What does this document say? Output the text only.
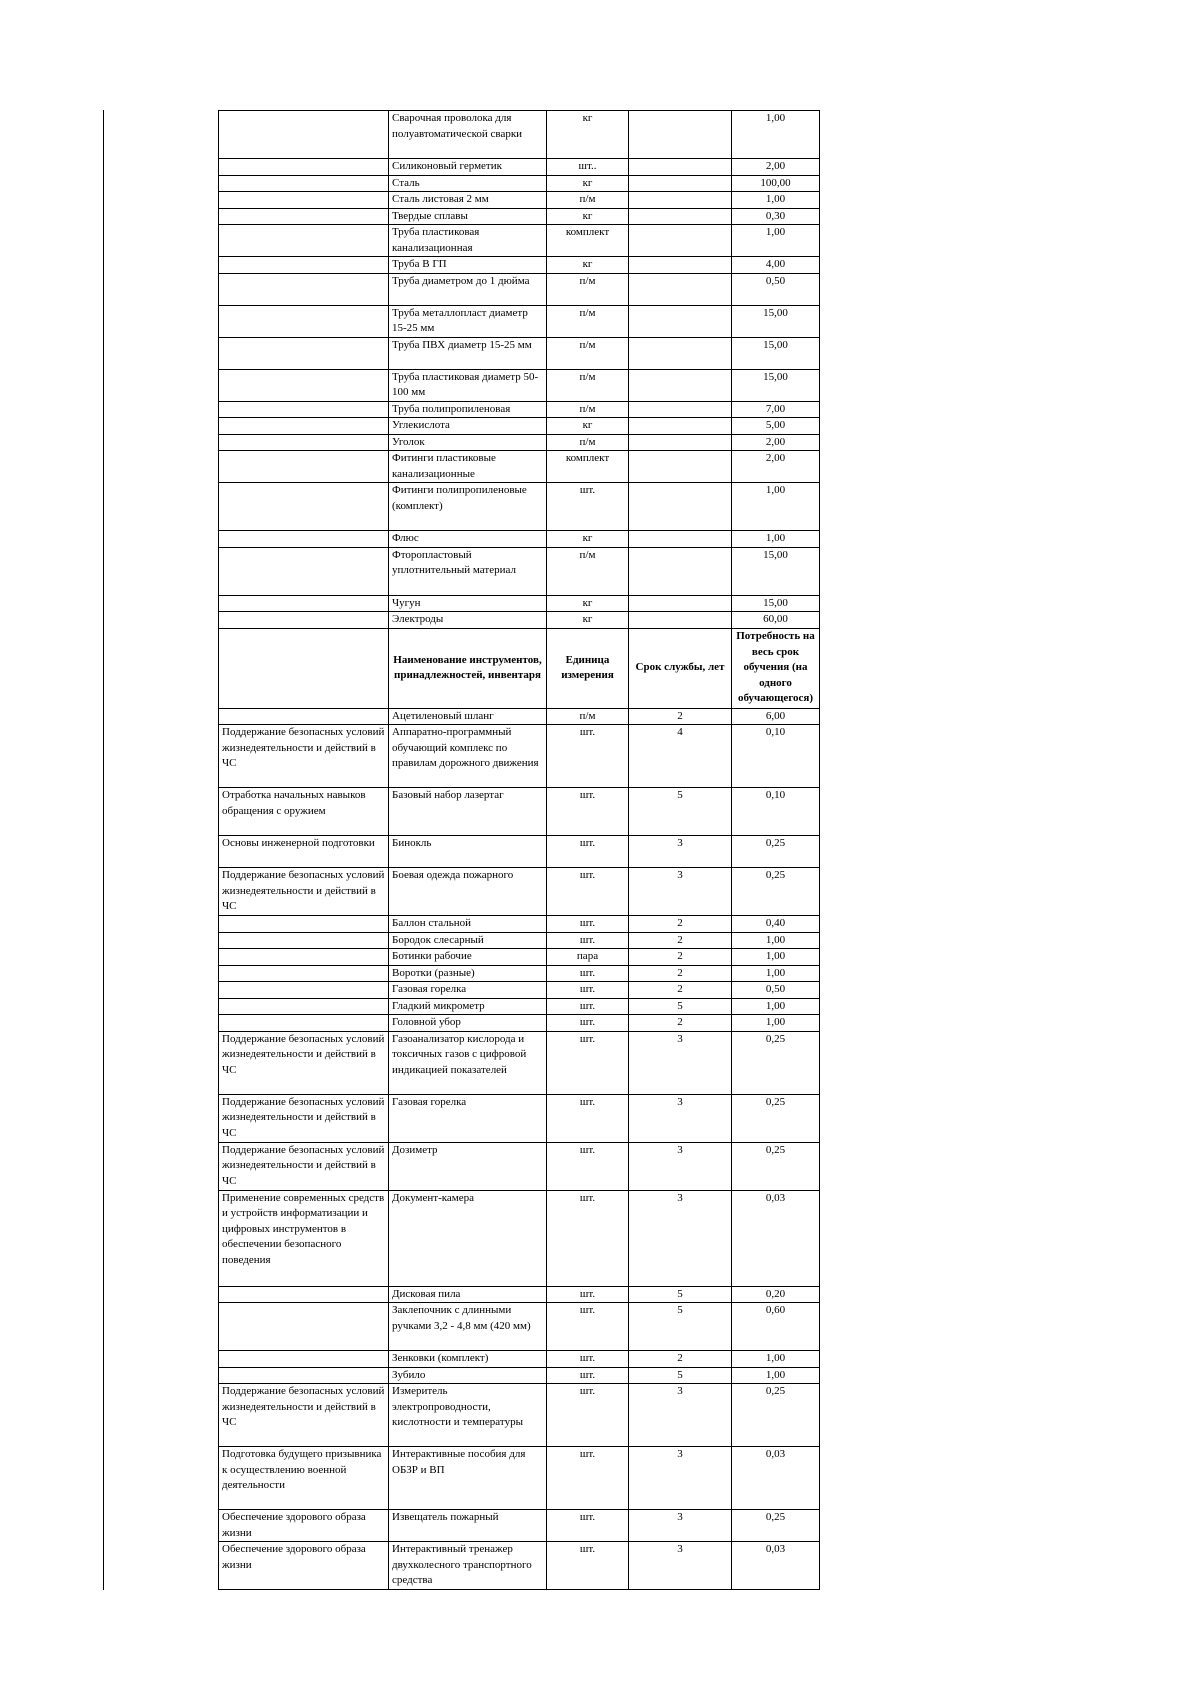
	Сварочная проволока для полуавтоматической сварки	кг		1,00
	Силиконовый герметик	шт..		2,00
	Сталь	кг		100,00
	Сталь листовая 2 мм	п/м		1,00
	Твердые сплавы	кг		0,30
	Труба пластиковая канализационная	комплект		1,00
	Труба В ГП	кг		4,00
	Труба диаметром до 1 дюйма	п/м		0,50
	Труба металлопласт диаметр 15-25 мм	п/м		15,00
	Труба ПВХ диаметр 15-25 мм	п/м		15,00
	Труба пластиковая диаметр 50-100 мм	п/м		15,00
	Труба полипропиленовая	п/м		7,00
	Углекислота	кг		5,00
	Уголок	п/м		2,00
	Фитинги пластиковые канализационные	комплект		2,00
	Фитинги полипропиленовые (комплект)	шт.		1,00
	Флюс	кг		1,00
	Фторопластовый уплотнительный материал	п/м		15,00
	Чугун	кг		15,00
	Электроды	кг		60,00
	Наименование инструментов, принадлежностей, инвентаря	Единица измерения	Срок службы, лет	Потребность на весь срок обучения (на одного обучающегося)
	Ацетиленовый шланг	п/м	2	6,00
Поддержание безопасных условий жизнедеятельности и действий в ЧС	Аппаратно-программный обучающий комплекс по правилам дорожного движения	шт.	4	0,10
Отработка начальных навыков обращения с оружием	Базовый набор лазертаг	шт.	5	0,10
Основы инженерной подготовки	Бинокль	шт.	3	0,25
Поддержание безопасных условий жизнедеятельности и действий в ЧС	Боевая одежда пожарного	шт.	3	0,25
	Баллон стальной	шт.	2	0,40
	Бородок слесарный	шт.	2	1,00
	Ботинки рабочие	пара	2	1,00
	Воротки (разные)	шт.	2	1,00
	Газовая горелка	шт.	2	0,50
	Гладкий микрометр	шт.	5	1,00
	Головной убор	шт.	2	1,00
Поддержание безопасных условий жизнедеятельности и действий в ЧС	Газоанализатор кислорода и токсичных газов с цифровой индикацией показателей	шт.	3	0,25
Поддержание безопасных условий жизнедеятельности и действий в ЧС	Газовая горелка	шт.	3	0,25
Поддержание безопасных условий жизнедеятельности и действий в ЧС	Дозиметр	шт.	3	0,25
Применение современных средств и устройств информатизации и цифровых инструментов в обеспечении безопасного поведения	Документ-камера	шт.	3	0,03
	Дисковая пила	шт.	5	0,20
	Заклепочник с длинными ручками 3,2 - 4,8 мм (420 мм)	шт.	5	0,60
	Зенковки (комплект)	шт.	2	1,00
	Зубило	шт.	5	1,00
Поддержание безопасных условий жизнедеятельности и действий в ЧС	Измеритель электропроводности, кислотности и температуры	шт.	3	0,25
Подготовка будущего призывника к осуществлению военной деятельности	Интерактивные пособия для ОБЗР и ВП	шт.	3	0,03
Обеспечение здорового образа жизни	Извещатель пожарный	шт.	3	0,25
Обеспечение здорового образа жизни	Интерактивный тренажер двухколесного транспортного средства	шт.	3	0,03
